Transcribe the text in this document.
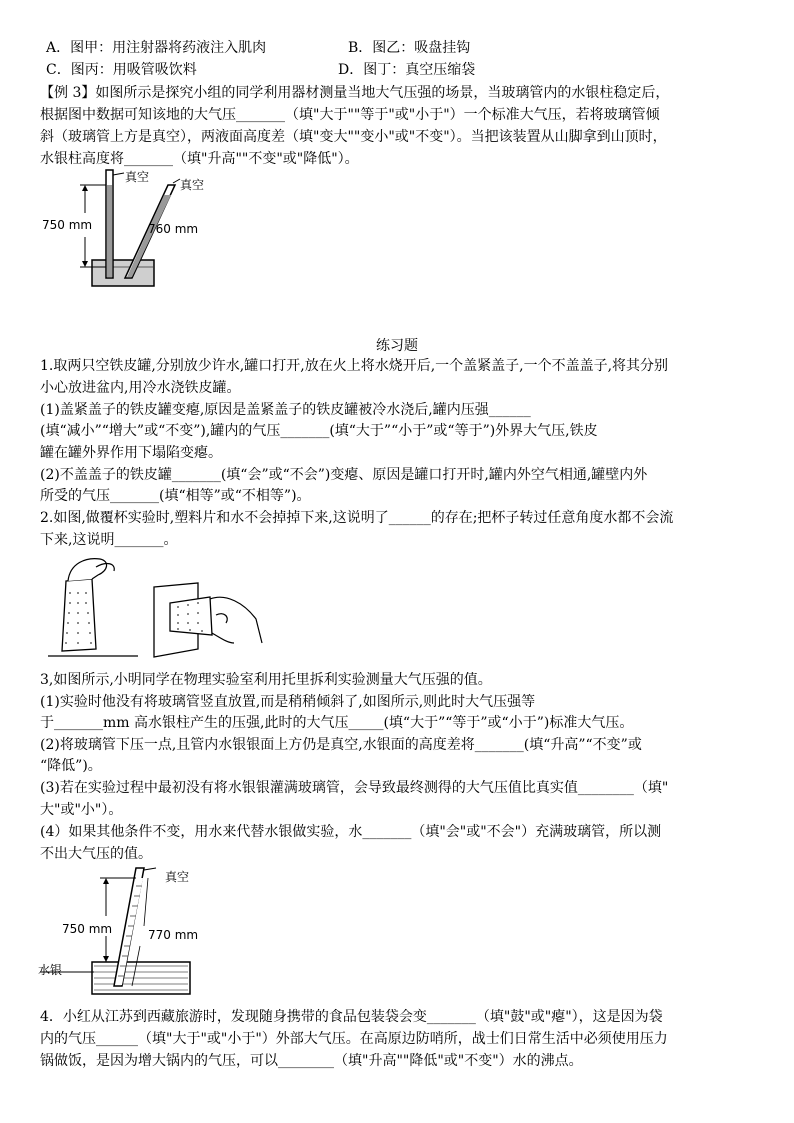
A．图甲：用注射器将药液注入肌肉	B．图乙：吸盘挂钩
C．图丙：用吸管吸饮料	D．图丁：真空压缩袋
【例 3】如图所示是探究小组的同学利用器材测量当地大气压强的场景，当玻璃管内的水银柱稳定后，
根据图中数据可知该地的大气压_______（填"大于""等于"或"小于"）一个标准大气压，若将玻璃管倾
斜（玻璃管上方是真空），两液面高度差（填"变大""变小"或"不变"）。当把该装置从山脚拿到山顶时，
水银柱高度将_______（填"升高""不变"或"降低"）。
真空
真空
750 mm	760 mm
练习题
1.取两只空铁皮罐,分别放少许水,罐口打开,放在火上将水烧开后,一个盖紧盖子,一个不盖盖子,将其分别
小心放进盆内,用冷水浇铁皮罐。
(1)盖紧盖子的铁皮罐变瘪,原因是盖紧盖子的铁皮罐被冷水浇后,罐内压强______
(填“减小”“增大”或“不变”),罐内的气压_______(填“大于”“小于”或“等于”)外界大气压,铁皮
罐在罐外界作用下塌陷变瘪。
(2)不盖盖子的铁皮罐_______(填“会”或“不会”)变瘪、原因是罐口打开时,罐内外空气相通,罐壁内外
所受的气压_______(填“相等”或“不相等”)。
2.如图,做覆杯实验时,塑料片和水不会掉掉下来,这说明了______的存在;把杯子转过任意角度水都不会流
下来,这说明_______。
3,如图所示,小明同学在物理实验室利用托里拆利实验测量大气压强的值。
(1)实验时他没有将玻璃管竖直放置,而是稍稍倾斜了,如图所示,则此时大气压强等
于_______mm 高水银柱产生的压强,此时的大气压_____(填“大于”“等于”或“小于”)标准大气压。
(2)将玻璃管下压一点,且管内水银银面上方仍是真空,水银面的高度差将_______(填“升高”“不变”或
“降低”)。
(3)若在实验过程中最初没有将水银银灌满玻璃管，会导致最终测得的大气压值比真实值________（填"
大"或"小"）。
(4）如果其他条件不变，用水来代替水银做实验，水_______（填"会"或"不会"）充满玻璃管，所以测
不出大气压的值。
真空
750 mm	770 mm
水银
4．小红从江苏到西藏旅游时，发现随身携带的食品包装袋会变_______（填"鼓"或"瘪"），这是因为袋
内的气压______（填"大于"或"小于"）外部大气压。在高原边防哨所，战士们日常生活中必须使用压力
锅做饭，是因为增大锅内的气压，可以________（填"升高""降低"或"不变"）水的沸点。
